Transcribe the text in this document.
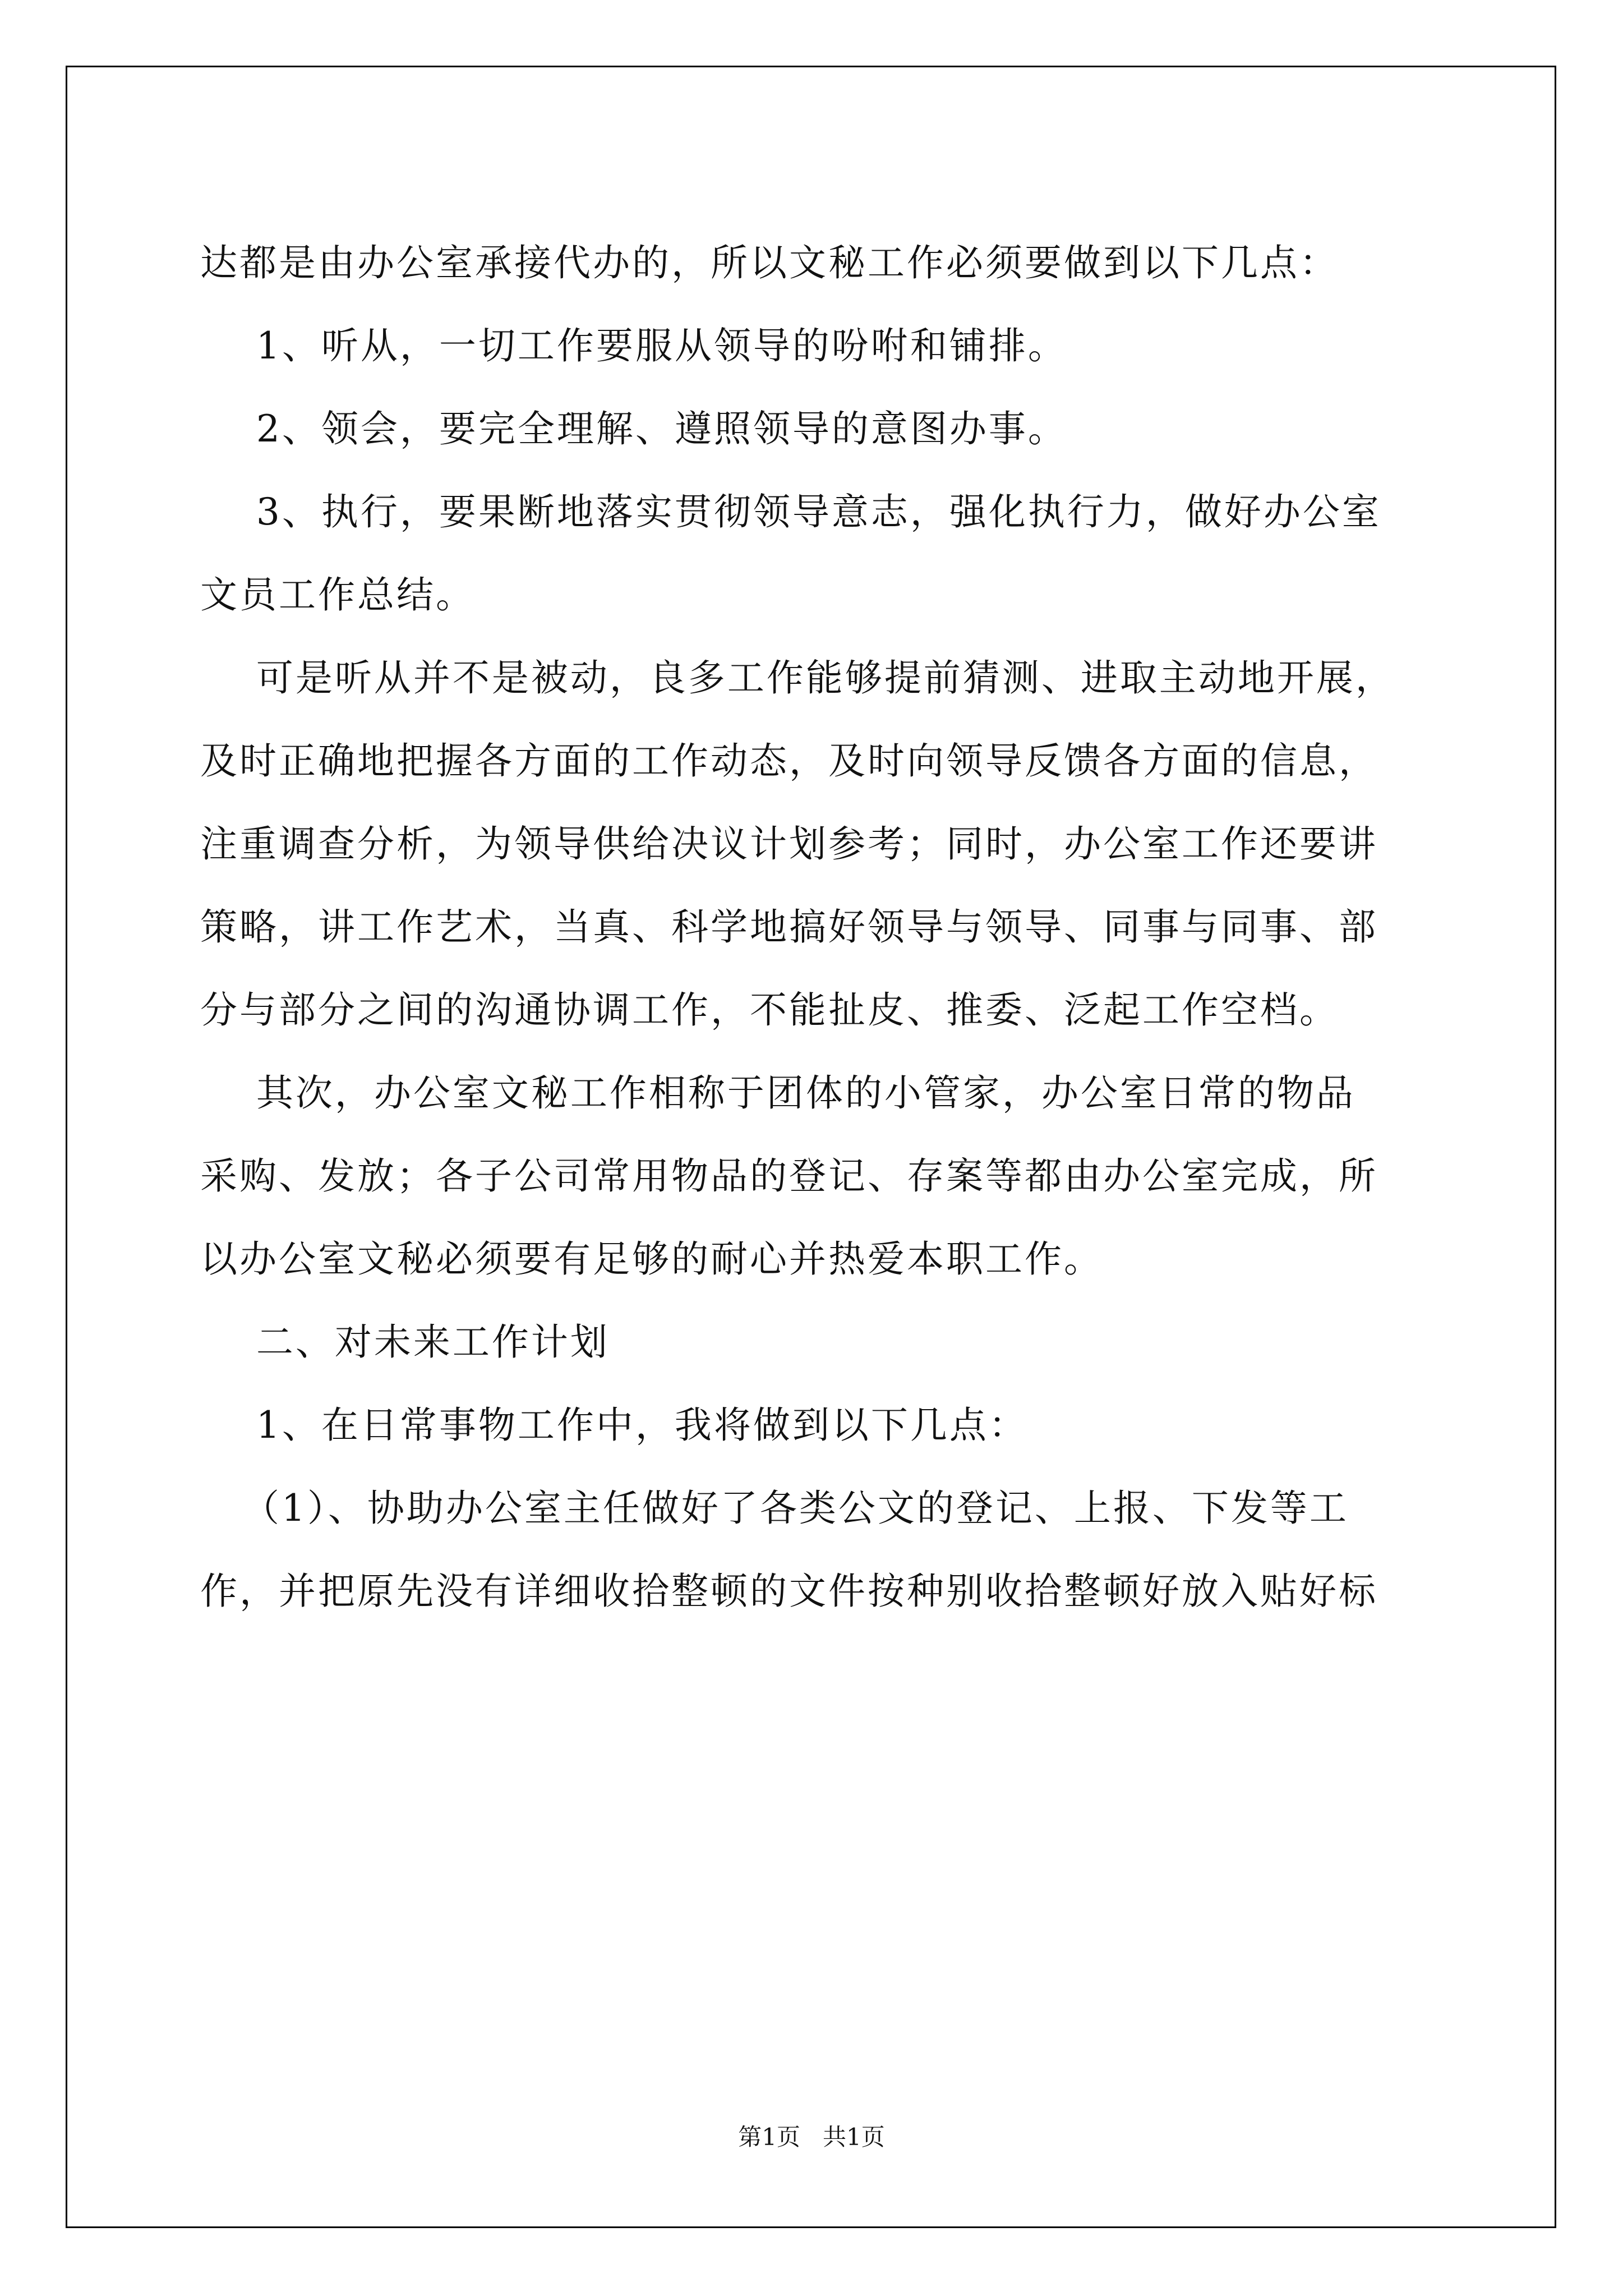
达都是由办公室承接代办的，所以文秘工作必须要做到以下几点：
1、听从，一切工作要服从领导的吩咐和铺排。
2、领会，要完全理解、遵照领导的意图办事。
3、执行，要果断地落实贯彻领导意志，强化执行力，做好办公室
文员工作总结。
可是听从并不是被动，良多工作能够提前猜测、进取主动地开展，
及时正确地把握各方面的工作动态，及时向领导反馈各方面的信息，
注重调查分析，为领导供给决议计划参考；同时，办公室工作还要讲
策略，讲工作艺术，当真、科学地搞好领导与领导、同事与同事、部
分与部分之间的沟通协调工作，不能扯皮、推委、泛起工作空档。
其次，办公室文秘工作相称于团体的小管家，办公室日常的物品
采购、发放；各子公司常用物品的登记、存案等都由办公室完成，所
以办公室文秘必须要有足够的耐心并热爱本职工作。
二、对未来工作计划
1、在日常事物工作中，我将做到以下几点：
（1）、协助办公室主任做好了各类公文的登记、上报、下发等工
作，并把原先没有详细收拾整顿的文件按种别收拾整顿好放入贴好标
第1页   共1页
